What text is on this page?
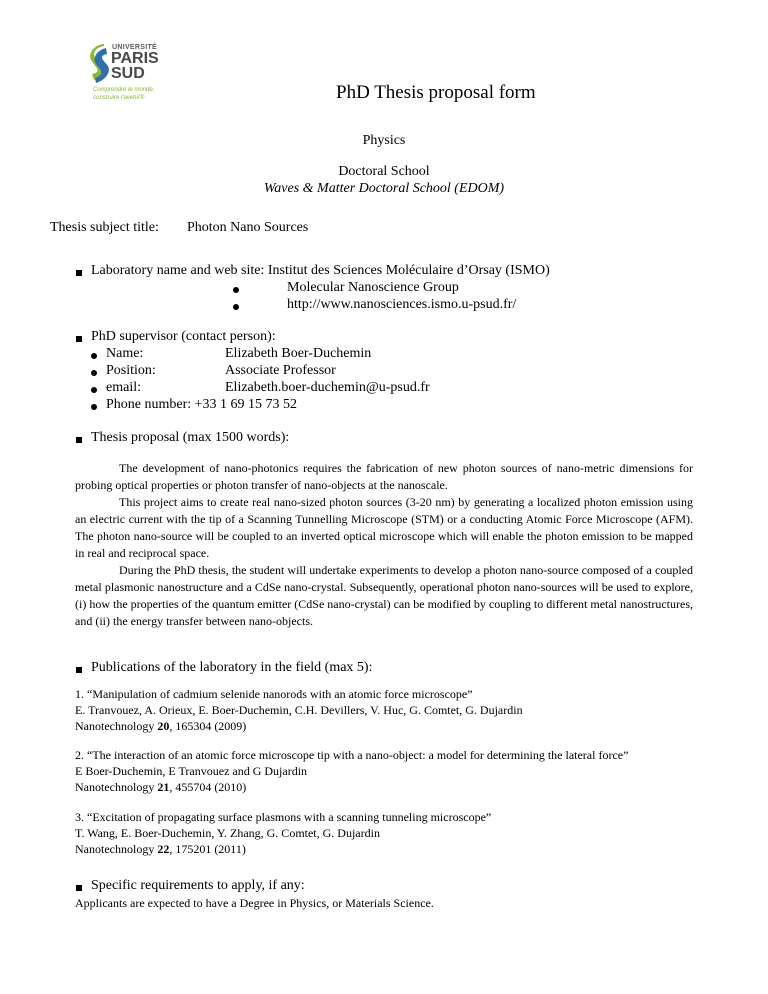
UNIVERSITÉ
PARIS
SUD
Comprendre le monde,
construire l'avenir®	PhD Thesis proposal form
Physics
Doctoral School
Waves & Matter Doctoral School (EDOM)
Thesis subject title: Photon Nano Sources
Laboratory name and web site: Institut des Sciences Moléculaire d’Orsay (ISMO)
Molecular Nanoscience Group
http://www.nanosciences.ismo.u-psud.fr/
PhD supervisor (contact person):
Name:	Elizabeth Boer-Duchemin
Position:	Associate Professor
email:	Elizabeth.boer-duchemin@u-psud.fr
Phone number: +33 1 69 15 73 52
Thesis proposal (max 1500 words):

The development of nano-photonics requires the fabrication of new photon sources of nano-metric dimensions for probing optical properties or photon transfer of nano-objects at the nanoscale.

This project aims to create real nano-sized photon sources (3-20 nm) by generating a localized photon emission using an electric current with the tip of a Scanning Tunnelling Microscope (STM) or a conducting Atomic Force Microscope (AFM). The photon nano-source will be coupled to an inverted optical microscope which will enable the photon emission to be mapped in real and reciprocal space.

During the PhD thesis, the student will undertake experiments to develop a photon nano-source composed of a coupled metal plasmonic nanostructure and a CdSe nano-crystal. Subsequently, operational photon nano-sources will be used to explore, (i) how the properties of the quantum emitter (CdSe nano-crystal) can be modified by coupling to different metal nanostructures, and (ii) the energy transfer between nano-objects.

Publications of the laboratory in the field (max 5):
1. “Manipulation of cadmium selenide nanorods with an atomic force microscope”
E. Tranvouez, A. Orieux, E. Boer-Duchemin, C.H. Devillers, V. Huc, G. Comtet, G. Dujardin
Nanotechnology 20, 165304 (2009)
2. “The interaction of an atomic force microscope tip with a nano-object: a model for determining the lateral force”
E Boer-Duchemin, E Tranvouez and G Dujardin
Nanotechnology 21, 455704 (2010)
3. “Excitation of propagating surface plasmons with a scanning tunneling microscope”
T. Wang, E. Boer-Duchemin, Y. Zhang, G. Comtet, G. Dujardin
Nanotechnology 22, 175201 (2011)
Specific requirements to apply, if any:
Applicants are expected to have a Degree in Physics, or Materials Science.
